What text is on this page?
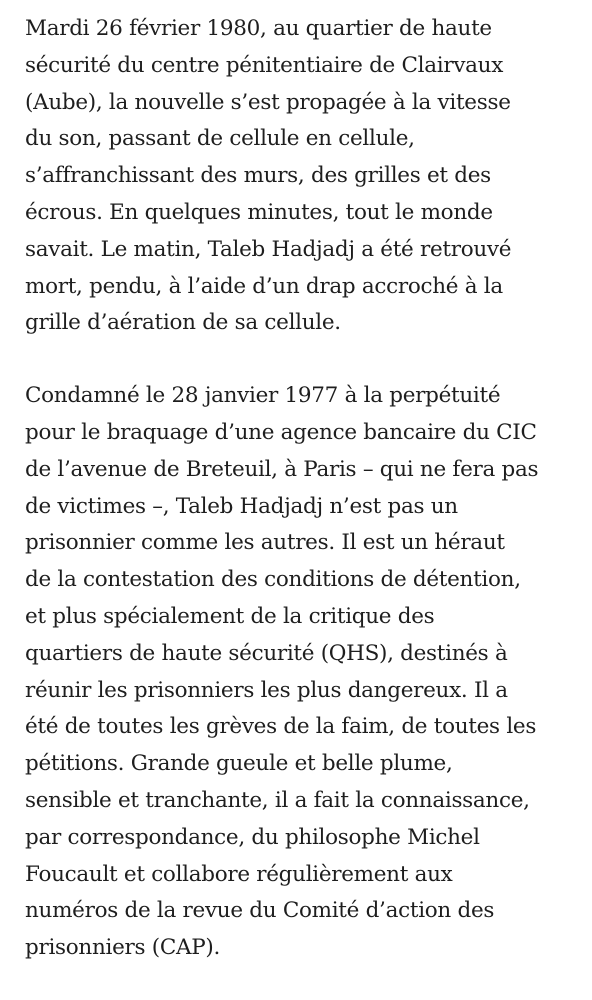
Mardi 26 février 1980, au quartier de haute
sécurité du centre pénitentiaire de Clairvaux
(Aube), la nouvelle s’est propagée à la vitesse
du son, passant de cellule en cellule,
s’affranchissant des murs, des grilles et des
écrous. En quelques minutes, tout le monde
savait. Le matin, Taleb Hadjadj a été retrouvé
mort, pendu, à l’aide d’un drap accroché à la
grille d’aération de sa cellule.

Condamné le 28 janvier 1977 à la perpétuité
pour le braquage d’une agence bancaire du CIC
de l’avenue de Breteuil, à Paris – qui ne fera pas
de victimes –, Taleb Hadjadj n’est pas un
prisonnier comme les autres. Il est un héraut
de la contestation des conditions de détention,
et plus spécialement de la critique des
quartiers de haute sécurité (QHS), destinés à
réunir les prisonniers les plus dangereux. Il a
été de toutes les grèves de la faim, de toutes les
pétitions. Grande gueule et belle plume,
sensible et tranchante, il a fait la connaissance,
par correspondance, du philosophe Michel
Foucault et collabore régulièrement aux
numéros de la revue du Comité d’action des
prisonniers (CAP).
